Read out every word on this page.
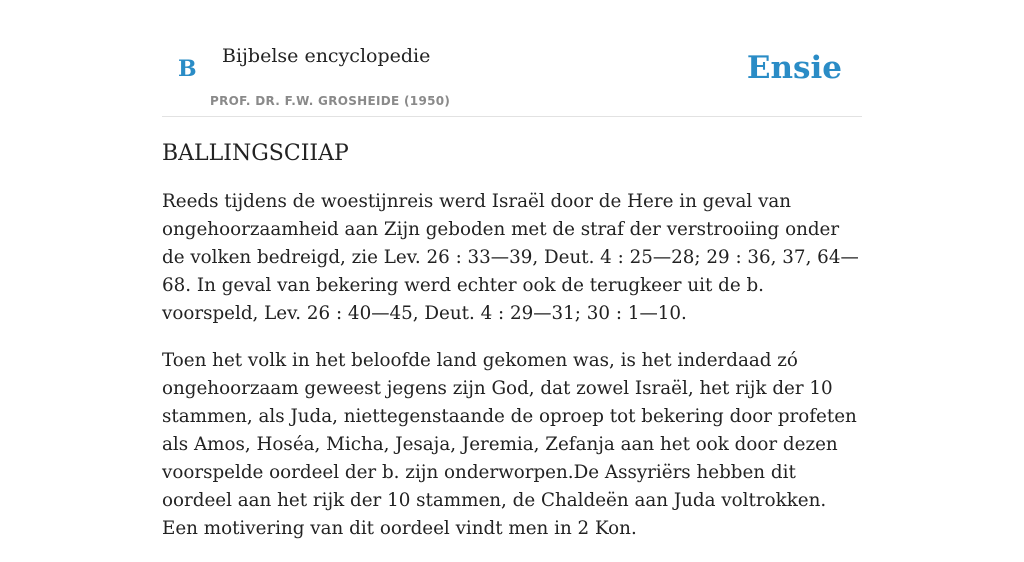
B Bijbelse encyclopedie
PROF. DR. F.W. GROSHEIDE (1950)
Ensie
BALLINGSCIIAP

Reeds tijdens de woestijnreis werd Israël door de Here in geval van ongehoorzaamheid aan Zijn geboden met de straf der verstrooiing onder de volken bedreigd, zie Lev. 26 : 33—39, Deut. 4 : 25—28; 29 : 36, 37, 64—68. In geval van bekering werd echter ook de terugkeer uit de b. voorspeld, Lev. 26 : 40—45, Deut. 4 : 29—31; 30 : 1—10.

Toen het volk in het beloofde land gekomen was, is het inderdaad zó ongehoorzaam geweest jegens zijn God, dat zowel Israël, het rijk der 10 stammen, als Juda, niettegenstaande de oproep tot bekering door profeten als Amos, Hoséa, Micha, Jesaja, Jeremia, Zefanja aan het ook door dezen voorspelde oordeel der b. zijn onderworpen.De Assyriërs hebben dit oordeel aan het rijk der 10 stammen, de Chaldeën aan Juda voltrokken. Een motivering van dit oordeel vindt men in 2 Kon.
